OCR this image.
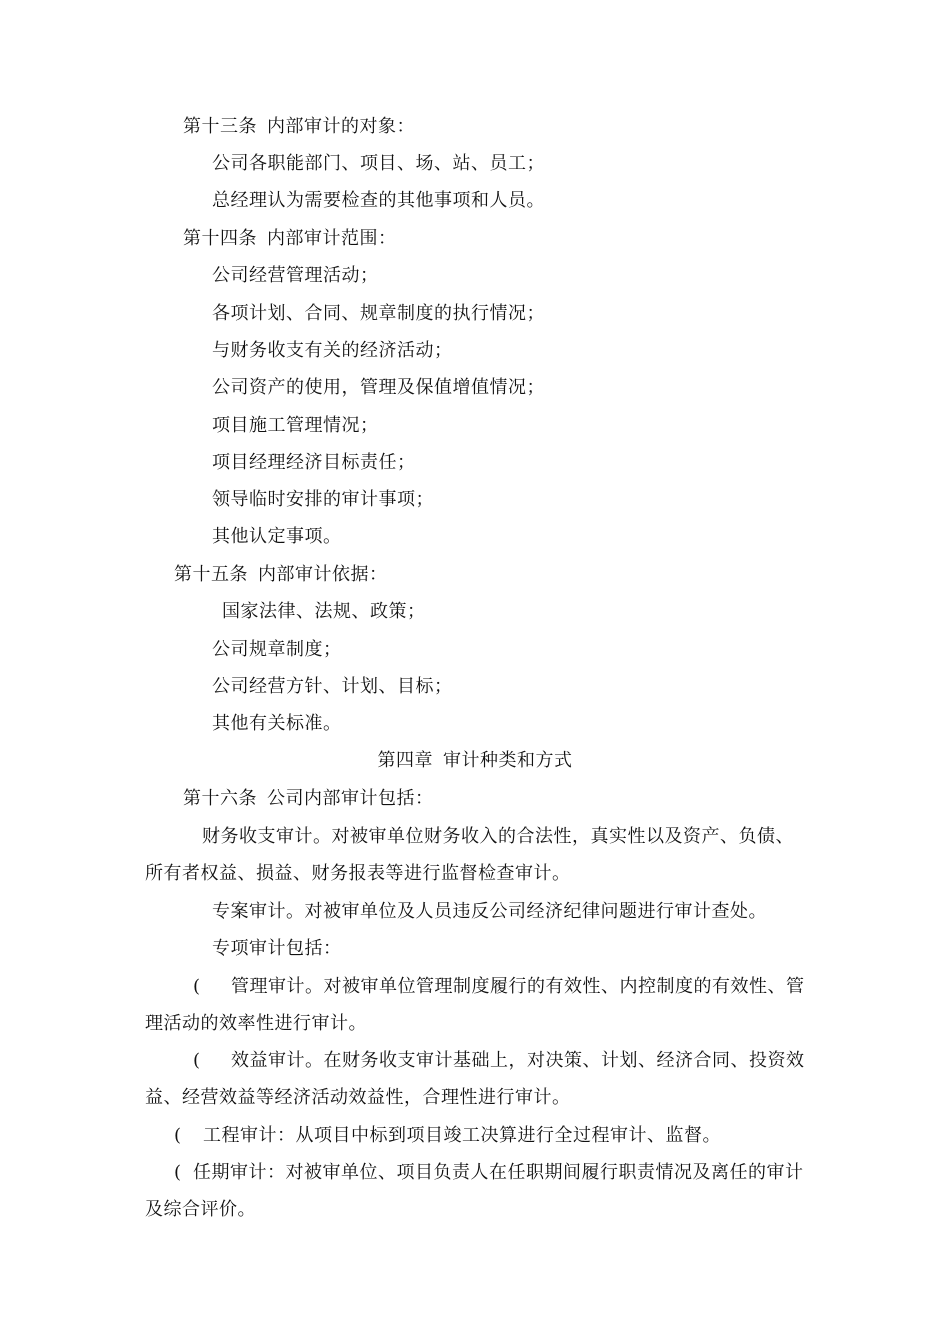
第十三条 内部审计的对象：
公司各职能部门、项目、场、站、员工；
总经理认为需要检查的其他事项和人员。
第十四条 内部审计范围：
公司经营管理活动；
各项计划、合同、规章制度的执行情况；
与财务收支有关的经济活动；
公司资产的使用，管理及保值增值情况；
项目施工管理情况；
项目经理经济目标责任；
领导临时安排的审计事项；
其他认定事项。
第十五条 内部审计依据：
国家法律、法规、政策；
公司规章制度；
公司经营方针、计划、目标；
其他有关标准。
第四章 审计种类和方式
第十六条 公司内部审计包括：
财务收支审计。对被审单位财务收入的合法性，真实性以及资产、负债、所有者权益、损益、财务报表等进行监督检查审计。
专案审计。对被审单位及人员违反公司经济纪律问题进行审计查处。
专项审计包括：
(	管理审计。对被审单位管理制度履行的有效性、内控制度的有效性、管理活动的效率性进行审计。
(	效益审计。在财务收支审计基础上，对决策、计划、经济合同、投资效益、经营效益等经济活动效益性，合理性进行审计。
( 工程审计：从项目中标到项目竣工决算进行全过程审计、监督。
( 任期审计：对被审单位、项目负责人在任职期间履行职责情况及离任的审计及综合评价。
